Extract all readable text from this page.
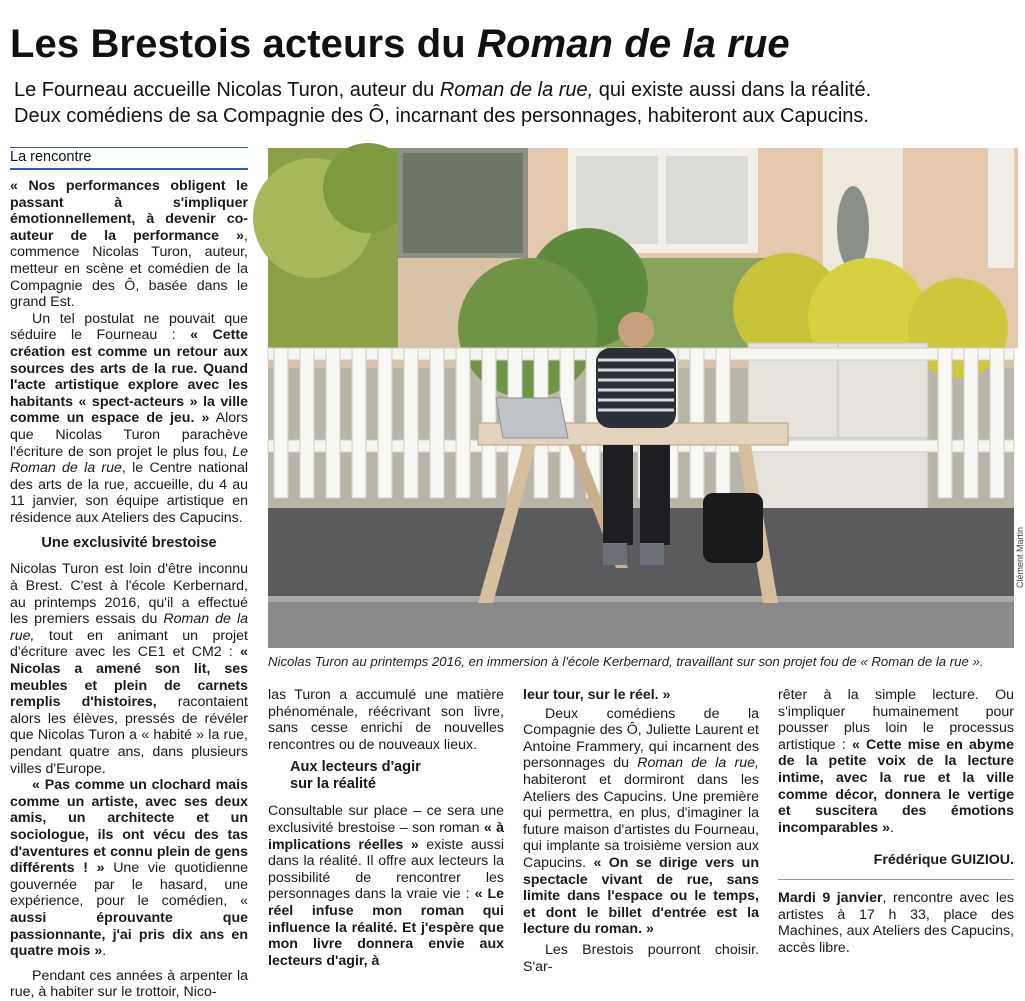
Les Brestois acteurs du Roman de la rue

Le Fourneau accueille Nicolas Turon, auteur du Roman de la rue, qui existe aussi dans la réalité.

Deux comédiens de sa Compagnie des Ô, incarnant des personnages, habiteront aux Capucins.

La rencontre

« Nos performances obligent le passant à s'impliquer émotionnellement, à devenir co-auteur de la performance », commence Nicolas Turon, auteur, metteur en scène et comédien de la Compagnie des Ô, basée dans le grand Est.

Un tel postulat ne pouvait que séduire le Fourneau : « Cette création est comme un retour aux sources des arts de la rue. Quand l'acte artistique explore avec les habitants « spect-acteurs » la ville comme un espace de jeu. » Alors que Nicolas Turon parachève l'écriture de son projet le plus fou, Le Roman de la rue, le Centre national des arts de la rue, accueille, du 4 au 11 janvier, son équipe artistique en résidence aux Ateliers des Capucins.

Une exclusivité brestoise

Nicolas Turon est loin d'être inconnu à Brest. C'est à l'école Kerbernard, au printemps 2016, qu'il a effectué les premiers essais du Roman de la rue, tout en animant un projet d'écriture avec les CE1 et CM2 : « Nicolas a amené son lit, ses meubles et plein de carnets remplis d'histoires, racontaient alors les élèves, pressés de révéler que Nicolas Turon a « habité » la rue, pendant quatre ans, dans plusieurs villes d'Europe.

« Pas comme un clochard mais comme un artiste, avec ses deux amis, un architecte et un sociologue, ils ont vécu des tas d'aventures et connu plein de gens différents ! » Une vie quotidienne gouvernée par le hasard, une expérience, pour le comédien, « aussi éprouvante que passionnante, j'ai pris dix ans en quatre mois ».

Pendant ces années à arpenter la rue, à habiter sur le trottoir, Nico-

Clément Martin
Nicolas Turon au printemps 2016, en immersion à l'école Kerbernard, travaillant sur son projet fou de « Roman de la rue ».

las Turon a accumulé une matière phénoménale, réécrivant son livre, sans cesse enrichi de nouvelles rencontres ou de nouveaux lieux.

Aux lecteurs d'agir sur la réalité

Consultable sur place – ce sera une exclusivité brestoise – son roman « à implications réelles » existe aussi dans la réalité. Il offre aux lecteurs la possibilité de rencontrer les personnages dans la vraie vie : « Le réel infuse mon roman qui influence la réalité. Et j'espère que mon livre donnera envie aux lecteurs d'agir, à

leur tour, sur le réel. »

Deux comédiens de la Compagnie des Ô, Juliette Laurent et Antoine Frammery, qui incarnent des personnages du Roman de la rue, habiteront et dormiront dans les Ateliers des Capucins. Une première qui permettra, en plus, d'imaginer la future maison d'artistes du Fourneau, qui implante sa troisième version aux Capucins. « On se dirige vers un spectacle vivant de rue, sans limite dans l'espace ou le temps, et dont le billet d'entrée est la lecture du roman. »

Les Brestois pourront choisir. S'ar-

rêter à la simple lecture. Ou s'impliquer humainement pour pousser plus loin le processus artistique : « Cette mise en abyme de la petite voix de la lecture intime, avec la rue et la ville comme décor, donnera le vertige et suscitera des émotions incomparables ».

Frédérique GUIZIOU.

Mardi 9 janvier, rencontre avec les artistes à 17 h 33, place des Machines, aux Ateliers des Capucins, accès libre.
